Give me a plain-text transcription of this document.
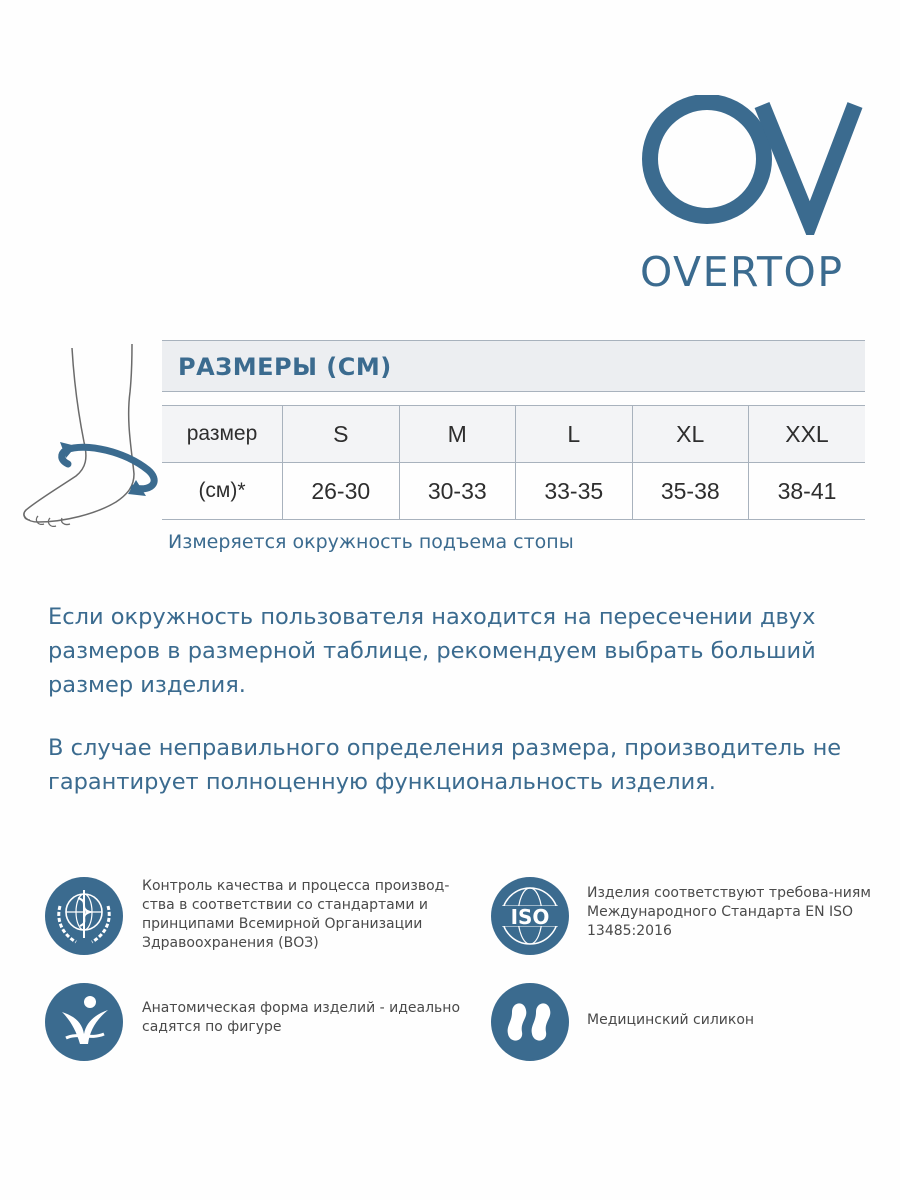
OVERTOP
РАЗМЕРЫ (СМ)
размер	S	M	L	XL	XXL
(см)*	26-30	30-33	33-35	35-38	38-41
Измеряется окружность подъема стопы
Если окружность пользователя находится на пересечении двух размеров в размерной таблице, рекомендуем выбрать больший размер изделия.
В случае неправильного определения размера, производитель не гарантирует полноценную функциональность изделия.
Контроль качества и процесса производ-ства в соответствии со стандартами и принципами Всемирной Организации Здравоохранения (ВОЗ)
ISO
Изделия соответствуют требова-ниям Международного Стандарта EN ISO 13485:2016
Анатомическая форма изделий - идеально садятся по фигуре	Медицинский силикон
